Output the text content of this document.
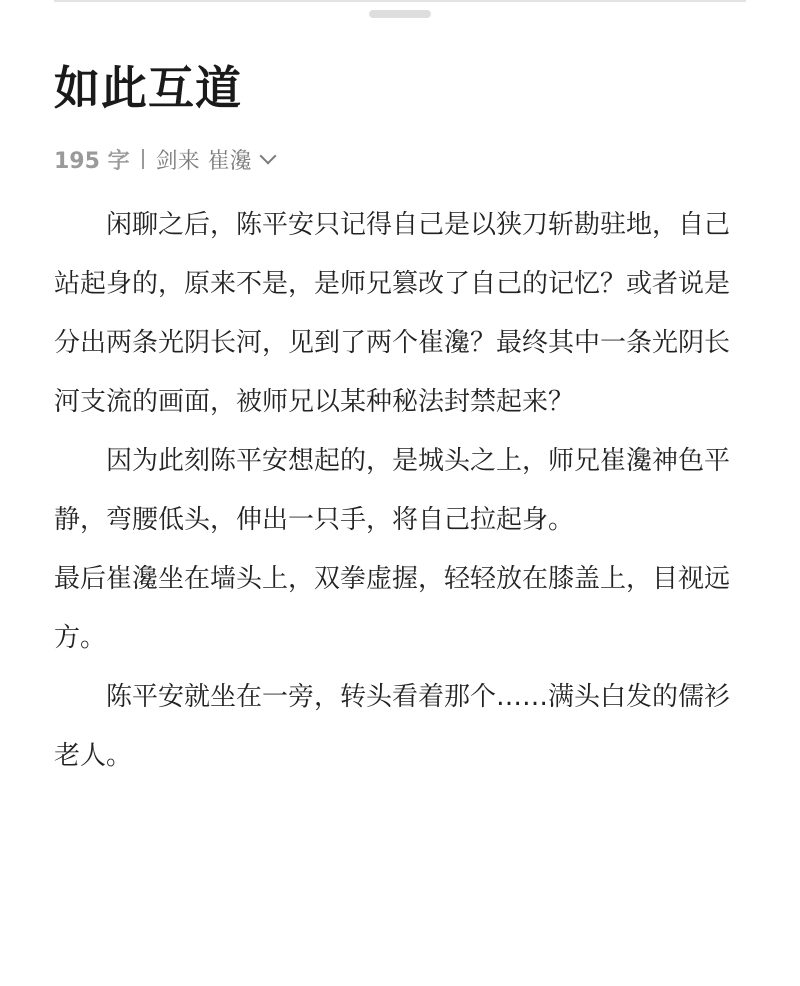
如此互道
195 字 剑来 崔瀺

闲聊之后，陈平安只记得自己是以狭刀斩勘驻地，自己站起身的，原来不是，是师兄篡改了自己的记忆？或者说是分出两条光阴长河，见到了两个崔瀺？最终其中一条光阴长河支流的画面，被师兄以某种秘法封禁起来？

因为此刻陈平安想起的，是城头之上，师兄崔瀺神色平静，弯腰低头，伸出一只手，将自己拉起身。

最后崔瀺坐在墙头上，双拳虚握，轻轻放在膝盖上，目视远方。

陈平安就坐在一旁，转头看着那个……满头白发的儒衫老人。
